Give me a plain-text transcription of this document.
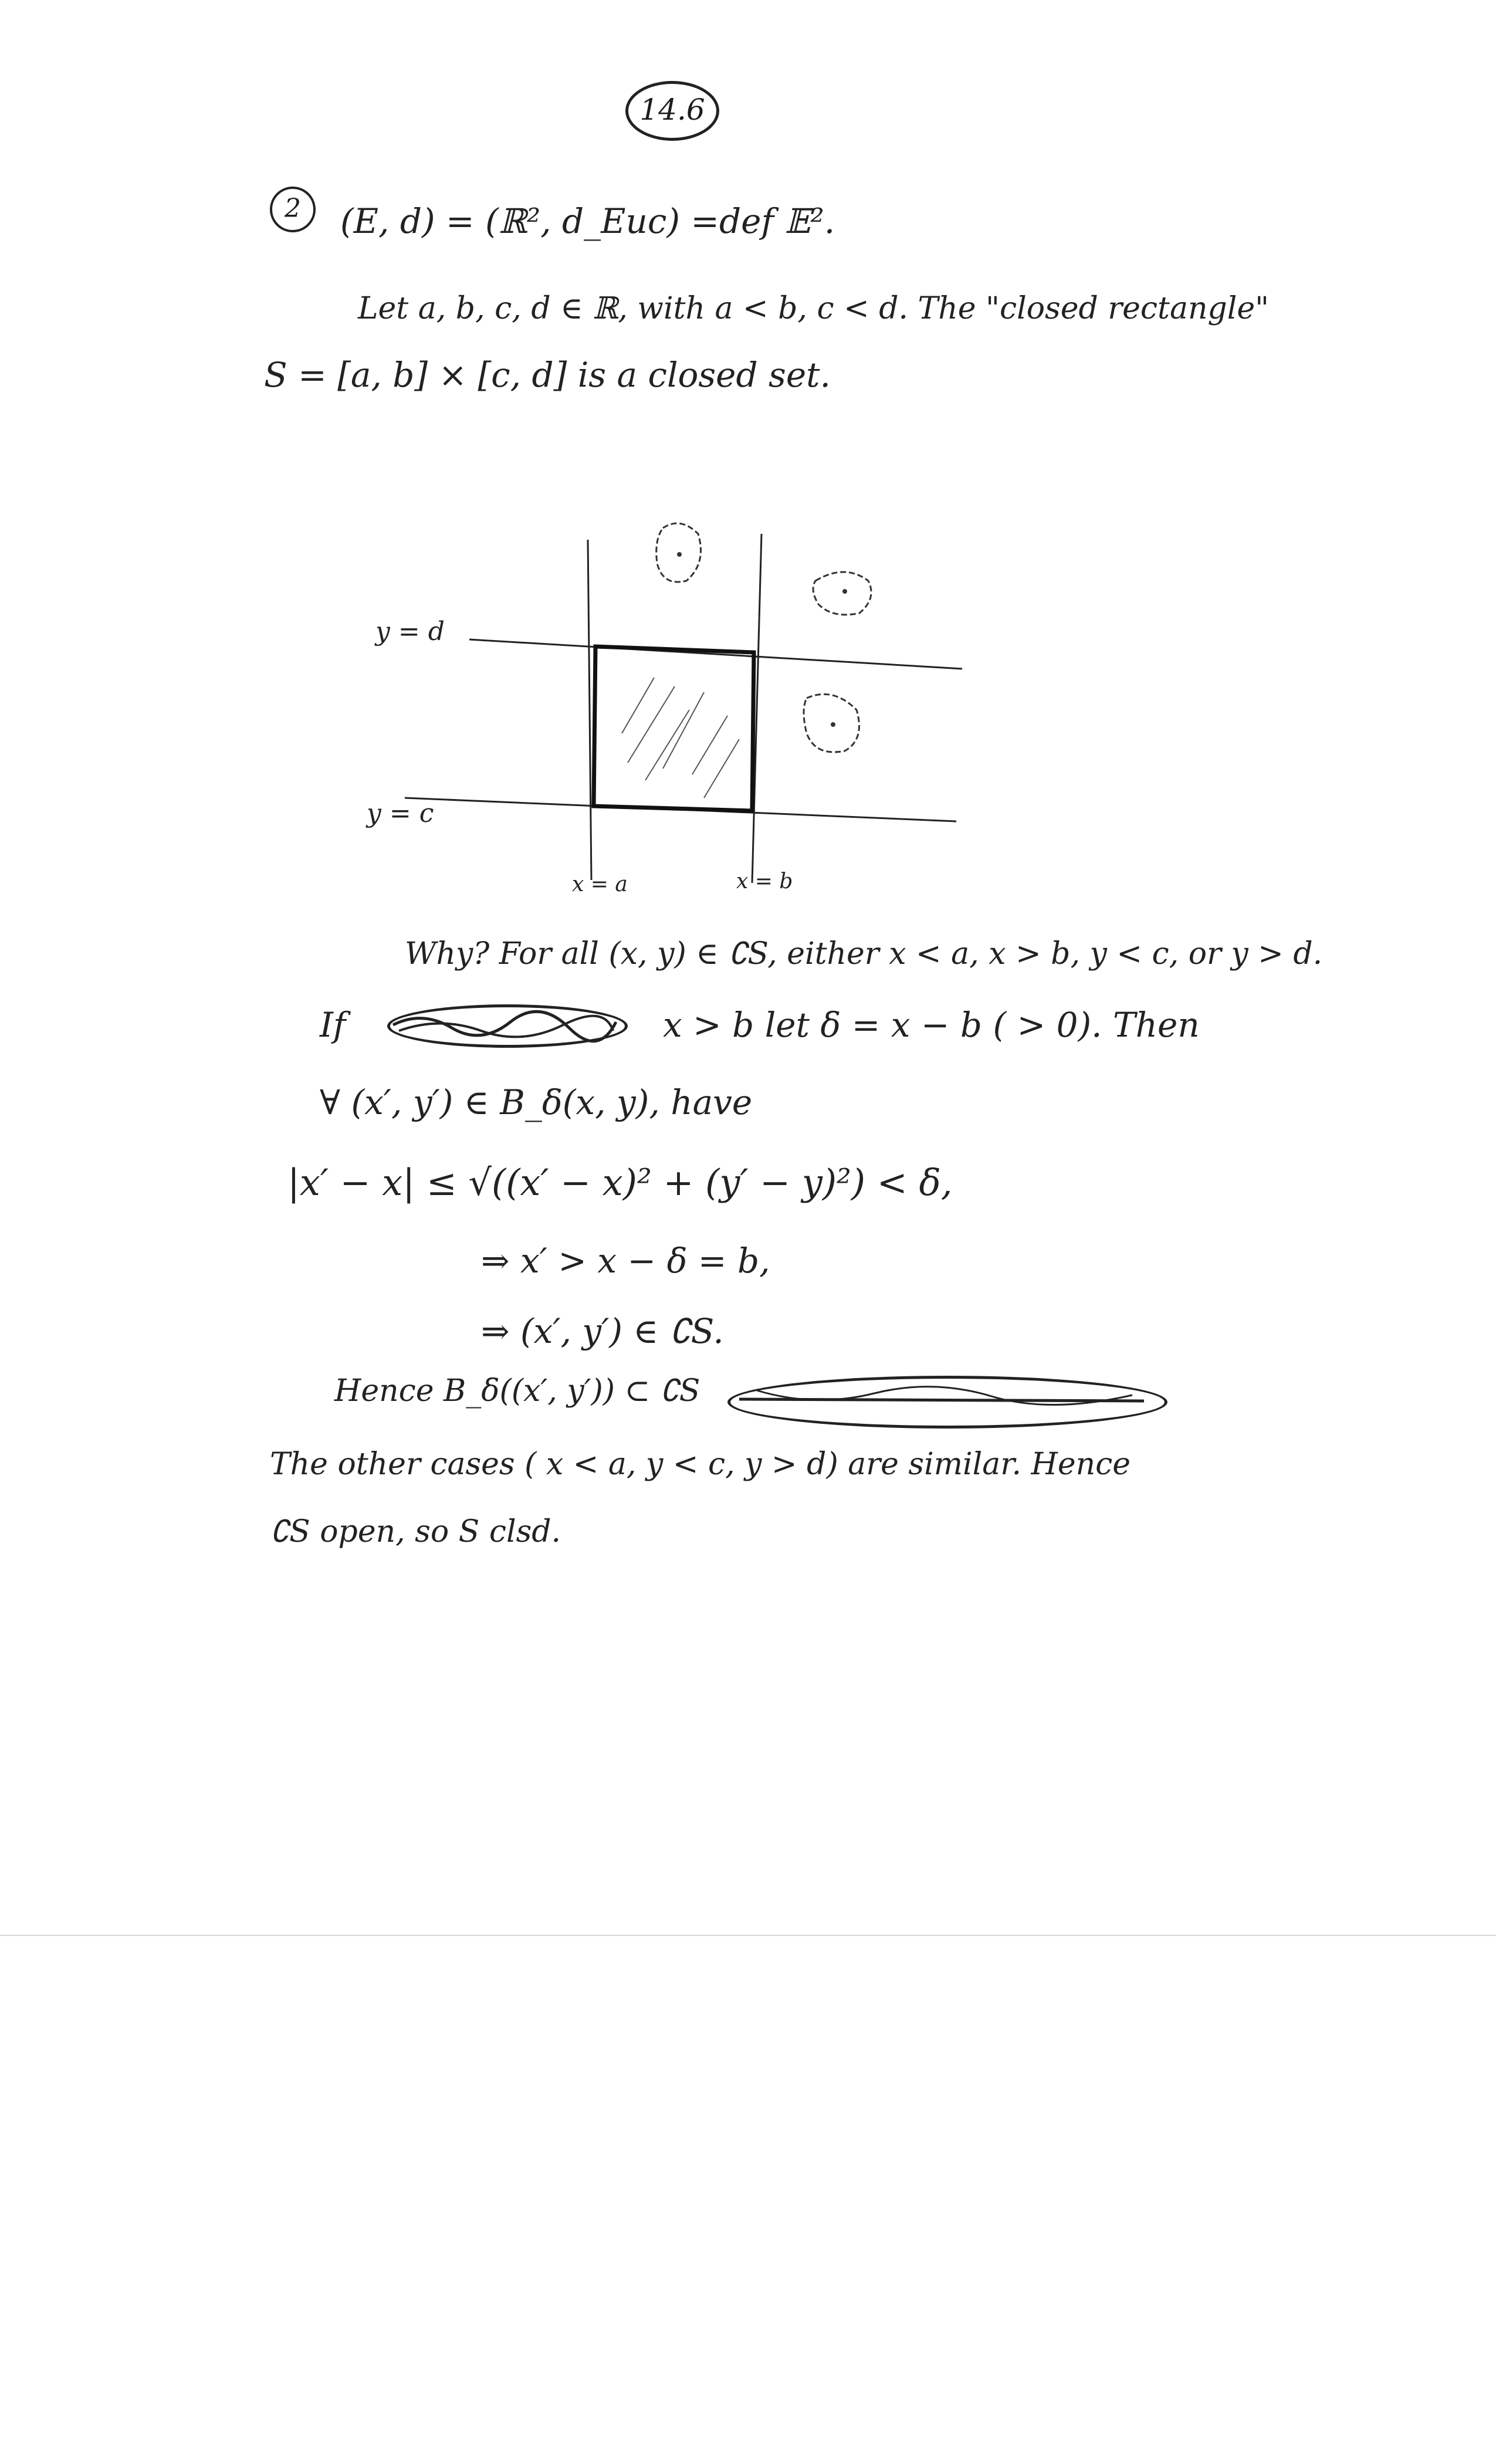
14.6
2	(E, d) = (ℝ², d_Euc) =def 𝔼².
Let a, b, c, d ∈ ℝ, with a < b, c < d. The "closed rectangle"
S = [a, b] × [c, d] is a closed set.
y = d
y = c
x = a	x = b
Why? For all (x, y) ∈ ∁S, either x < a, x > b, y < c, or y > d.
If	x > b let δ = x − b ( > 0). Then
∀ (x′, y′) ∈ B_δ(x, y), have
|x′ − x| ≤ √((x′ − x)² + (y′ − y)²) < δ,
⇒ x′ > x − δ = b,
⇒ (x′, y′) ∈ ∁S.
Hence B_δ((x′, y′)) ⊂ ∁S
The other cases ( x < a, y < c, y > d) are similar. Hence
∁S open, so S clsd.
